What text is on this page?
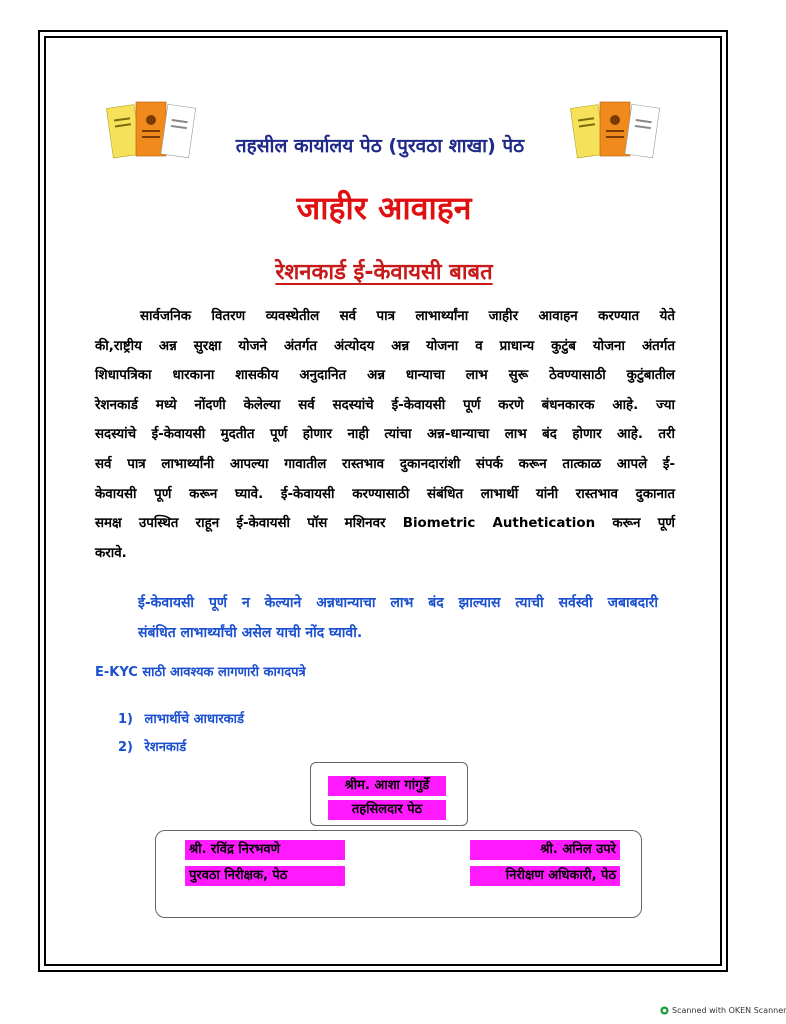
तहसील कार्यालय पेठ (पुरवठा शाखा) पेठ
जाहीर आवाहन
रेशनकार्ड ई-केवायसी बाबत
सार्वजनिक वितरण व्यवस्थेतील सर्व पात्र लाभार्थ्यांना जाहीर आवाहन करण्यात येते
की,राष्ट्रीय अन्न सुरक्षा योजने अंतर्गत अंत्योदय अन्न योजना व प्राधान्य कुटुंब योजना अंतर्गत
शिधापत्रिका धारकाना शासकीय अनुदानित अन्न धान्याचा लाभ सुरू ठेवण्यासाठी कुटुंबातील
रेशनकार्ड मध्ये नोंदणी केलेल्या सर्व सदस्यांचे ई-केवायसी पूर्ण करणे बंधनकारक आहे. ज्या
सदस्यांचे ई-केवायसी मुदतीत पूर्ण होणार नाही त्यांचा अन्न-धान्याचा लाभ बंद होणार आहे. तरी
सर्व पात्र लाभार्थ्यांनी आपल्या गावातील रास्तभाव दुकानदारांशी संपर्क करून तात्काळ आपले ई-
केवायसी पूर्ण करून घ्यावे. ई-केवायसी करण्यासाठी संबंधित लाभार्थी यांनी रास्तभाव दुकानात
समक्ष उपस्थित राहून ई-केवायसी पॉस मशिनवर Biometric Authetication करून पूर्ण
करावे.
ई-केवायसी पूर्ण न केल्याने अन्नधान्याचा लाभ बंद झाल्यास त्याची सर्वस्वी जबाबदारी
संबंधित लाभार्थ्यांची असेल याची नोंद घ्यावी.
E-KYC साठी आवश्यक लागणारी कागदपत्रे
1) लाभार्थीचे आधारकार्ड
2) रेशनकार्ड
श्रीम. आशा गांगुर्डे
तहसिलदार पेठ
श्री. रविंद्र निरभवणे
पुरवठा निरीक्षक, पेठ
श्री. अनिल उपरे
निरीक्षण अधिकारी, पेठ
Scanned with OKEN Scanner
